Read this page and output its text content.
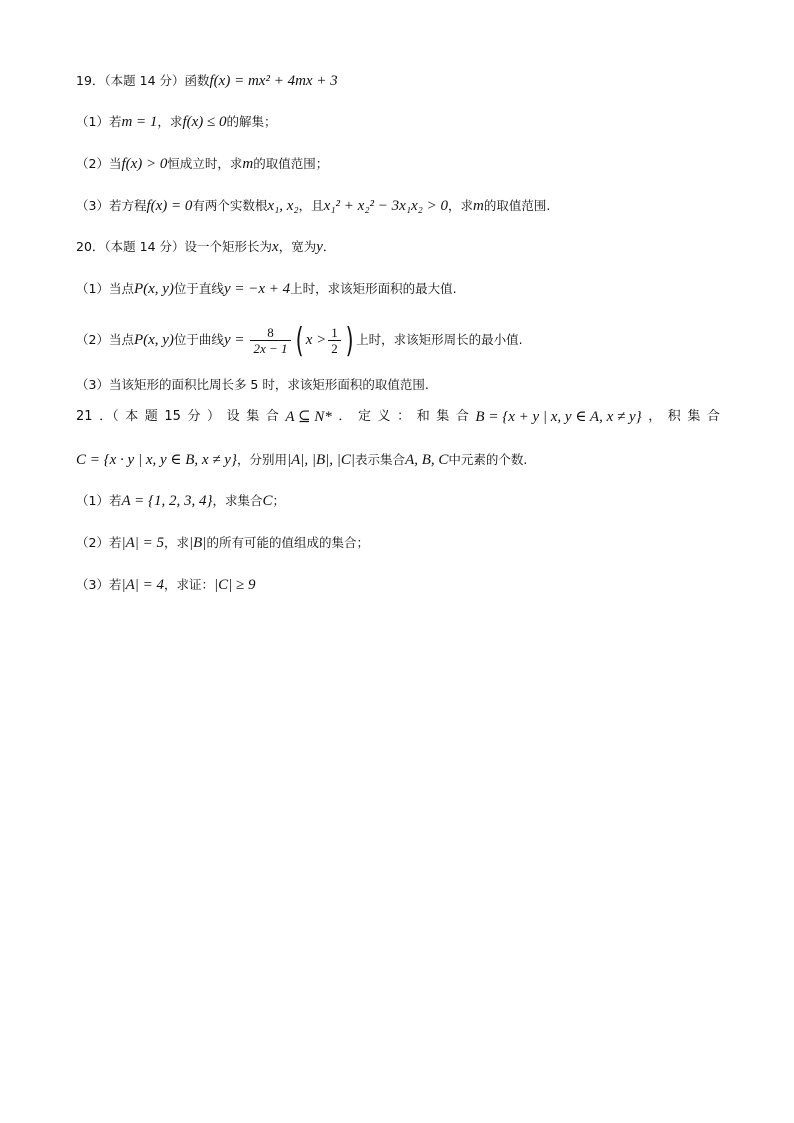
19．（本题 14 分）函数f(x) = mx² + 4mx + 3
（1）若m = 1，求f(x) ≤ 0的解集；
（2）当f(x) > 0恒成立时，求m的取值范围；
（3）若方程f(x) = 0有两个实数根x₁, x₂，且x₁² + x₂² − 3x₁x₂ > 0，求m的取值范围.
20．（本题 14 分）设一个矩形长为x，宽为y．
（1）当点P(x, y)位于直线y = −x + 4上时，求该矩形面积的最大值.
（2）当点P(x, y)位于曲线$y = \frac{8}{2x - 1}$ ( $x > \frac{1}{2}$ ) 上时，求该矩形周长的最小值.
（3）当该矩形的面积比周长多 5 时，求该矩形面积的取值范围.
21 ．（ 本 题 15 分 ） 设 集 合 A ⊆ N* ． 定 义 ： 和 集 合 B = {x + y | x, y ∈ A, x ≠ y} ， 积 集 合
C = {x · y | x, y ∈ B, x ≠ y}，分别用|A|, |B|, |C|表示集合A, B, C中元素的个数.
（1）若A = {1, 2, 3, 4}，求集合C；
（2）若|A| = 5，求|B|的所有可能的值组成的集合；
（3）若|A| = 4，求证：|C| ≥ 9
